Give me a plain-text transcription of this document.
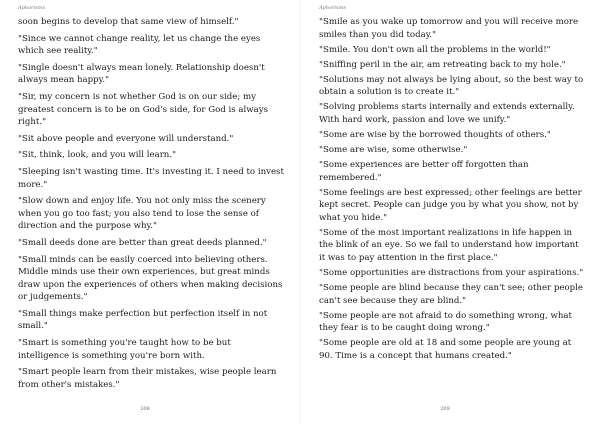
Aphorisms

soon begins to develop that same view of himself."

"Since we cannot change reality, let us change the eyes which see reality."

"Single doesn't always mean lonely. Relationship doesn't always mean happy."

"Sir, my concern is not whether God is on our side; my greatest concern is to be on God's side, for God is always right."

"Sit above people and everyone will understand."

"Sit, think, look, and you will learn."

"Sleeping isn't wasting time. It's investing it. I need to invest more."

"Slow down and enjoy life. You not only miss the scenery when you go too fast; you also tend to lose the sense of direction and the purpose why."

"Small deeds done are better than great deeds planned."

"Small minds can be easily coerced into believing others. Middle minds use their own experiences, but great minds draw upon the experiences of others when making decisions or judgements."

"Small things make perfection but perfection itself in not small."

"Smart is something you're taught how to be but intelligence is something you're born with.

"Smart people learn from their mistakes, wise people learn from other's mistakes."

208
Aphorisms

"Smile as you wake up tomorrow and you will receive more smiles than you did today."

"Smile. You don't own all the problems in the world!"

"Sniffing peril in the air, am retreating back to my hole."

"Solutions may not always be lying about, so the best way to obtain a solution is to create it."

"Solving problems starts internally and extends externally. With hard work, passion and love we unify."

"Some are wise by the borrowed thoughts of others."

"Some are wise, some otherwise."

"Some experiences are better off forgotten than remembered."

"Some feelings are best expressed; other feelings are better kept secret. People can judge you by what you show, not by what you hide."

"Some of the most important realizations in life happen in the blink of an eye. So we fail to understand how important it was to pay attention in the first place."

"Some opportunities are distractions from your aspirations."

"Some people are blind because they can't see; other people can't see because they are blind."

"Some people are not afraid to do something wrong, what they fear is to be caught doing wrong."

"Some people are old at 18 and some people are young at 90. Time is a concept that humans created."

209
